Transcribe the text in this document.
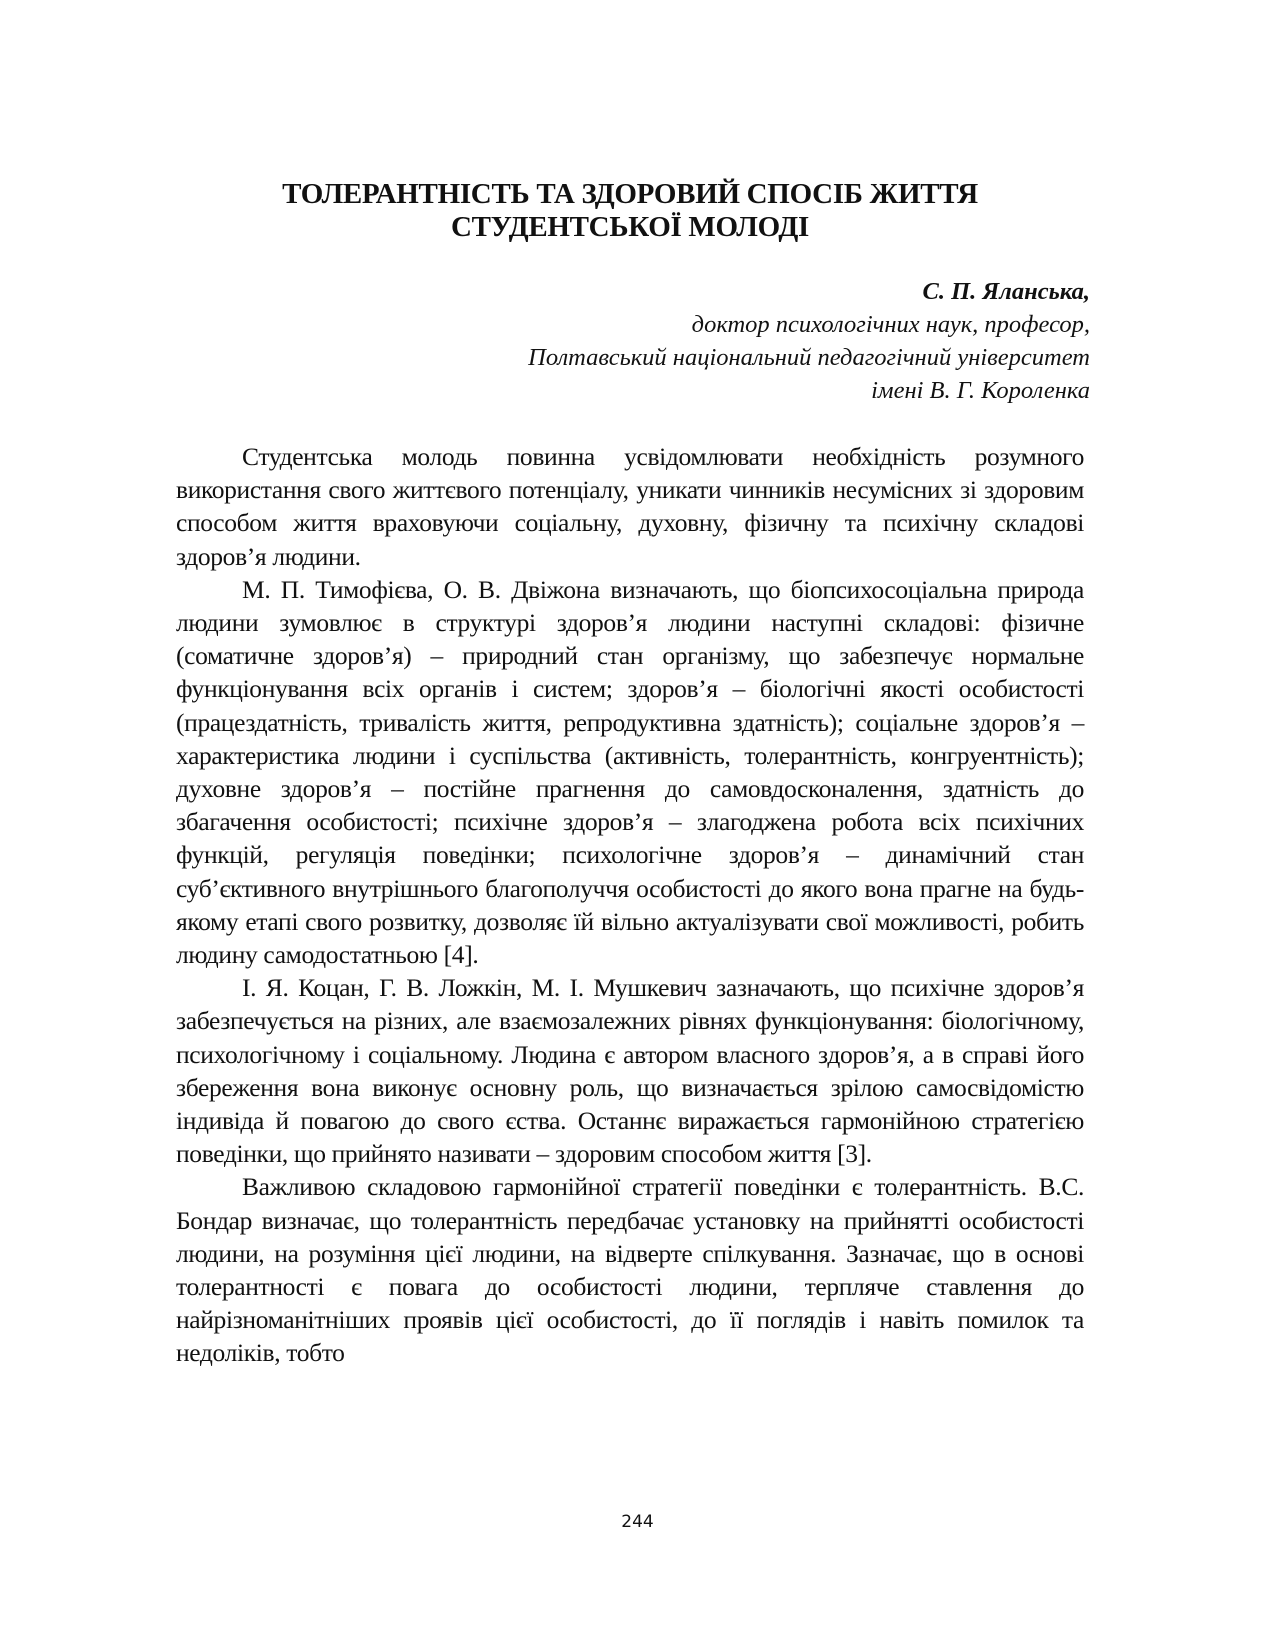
ТОЛЕРАНТНІСТЬ ТА ЗДОРОВИЙ СПОСІБ ЖИТТЯ
СТУДЕНТСЬКОЇ МОЛОДІ
С. П. Яланська,
доктор психологічних наук, професор,
Полтавський національний педагогічний університет
імені В. Г. Короленка

Студентська молодь повинна усвідомлювати необхідність розумного використання свого життєвого потенціалу, уникати чинників несумісних зі здоровим способом життя враховуючи соціальну, духовну, фізичну та психічну складові здоров’я людини.

М. П. Тимофієва, О. В. Двіжона визначають, що біопсихосоціальна природа людини зумовлює в структурі здоров’я людини наступні складові: фізичне (соматичне здоров’я) – природний стан організму, що забезпечує нормальне функціонування всіх органів і систем; здоров’я – біологічні якості особистості (працездатність, тривалість життя, репродуктивна здатність); соціальне здоров’я – характеристика людини і суспільства (активність, толерантність, конгруентність); духовне здоров’я – постійне прагнення до самовдосконалення, здатність до збагачення особистості; психічне здоров’я – злагоджена робота всіх психічних функцій, регуляція поведінки; психологічне здоров’я – динамічний стан суб’єктивного внутрішнього благополуччя особистості до якого вона прагне на будь-якому етапі свого розвитку, дозволяє їй вільно актуалізувати свої можливості, робить людину самодостатньою [4].

І. Я. Коцан, Г. В. Ложкін, М. І. Мушкевич зазначають, що психічне здоров’я забезпечується на різних, але взаємозалежних рівнях функціонування: біологічному, психологічному і соціальному. Людина є автором власного здоров’я, а в справі його збереження вона виконує основну роль, що визначається зрілою самосвідомістю індивіда й повагою до свого єства. Останнє виражається гармонійною стратегією поведінки, що прийнято називати – здоровим способом життя [3].

Важливою складовою гармонійної стратегії поведінки є толерантність. В.С. Бондар визначає, що толерантність передбачає установку на прийнятті особистості людини, на розуміння цієї людини, на відверте спілкування. Зазначає, що в основі толерантності є повага до особистості людини, терпляче ставлення до найрізноманітніших проявів цієї особистості, до її поглядів і навіть помилок та недоліків, тобто

244
